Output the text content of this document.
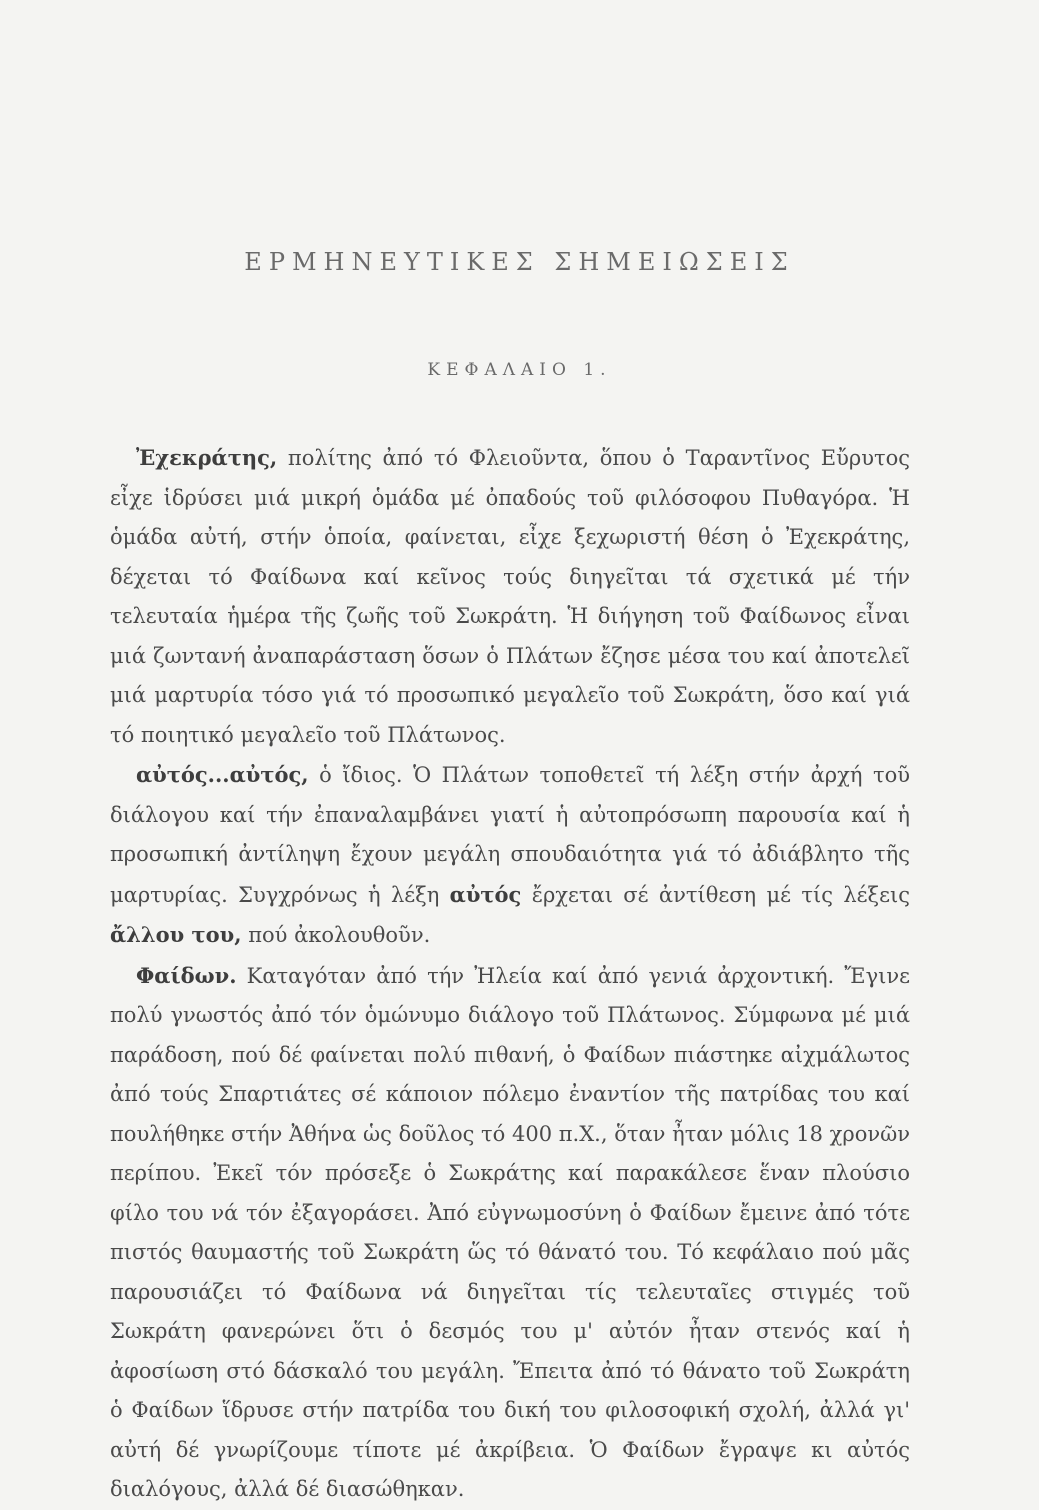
ΕΡΜΗΝΕΥΤΙΚΕΣ ΣΗΜΕΙΩΣΕΙΣ
ΚΕΦΑΛΑΙΟ 1.

Ἐχεκράτης, πολίτης ἀπό τό Φλειοῦντα, ὅπου ὁ Ταραντῖνος Εὔρυτος εἶχε ἱδρύσει μιά μικρή ὁμάδα μέ ὀπαδούς τοῦ φιλόσοφου Πυθαγόρα. Ἡ ὁμάδα αὐτή, στήν ὁποία, φαίνεται, εἶχε ξεχωριστή θέση ὁ Ἐχεκράτης, δέχεται τό Φαίδωνα καί κεῖνος τούς διηγεῖται τά σχετικά μέ τήν τελευταία ἡμέρα τῆς ζωῆς τοῦ Σωκράτη. Ἡ διήγηση τοῦ Φαίδωνος εἶναι μιά ζωντανή ἀναπαράσταση ὅσων ὁ Πλάτων ἔζησε μέσα του καί ἀποτελεῖ μιά μαρτυρία τόσο γιά τό προσωπικό μεγαλεῖο τοῦ Σωκράτη, ὅσο καί γιά τό ποιητικό μεγαλεῖο τοῦ Πλάτωνος.

αὐτός...αὐτός, ὁ ἴδιος. Ὁ Πλάτων τοποθετεῖ τή λέξη στήν ἀρχή τοῦ διάλογου καί τήν ἐπαναλαμβάνει γιατί ἡ αὐτοπρόσωπη παρουσία καί ἡ προσωπική ἀντίληψη ἔχουν μεγάλη σπουδαιότητα γιά τό ἀδιάβλητο τῆς μαρτυρίας. Συγχρόνως ἡ λέξη αὐτός ἔρχεται σέ ἀντίθεση μέ τίς λέξεις ἄλλου του, πού ἀκολουθοῦν.

Φαίδων. Καταγόταν ἀπό τήν Ἠλεία καί ἀπό γενιά ἀρχοντική. Ἔγινε πολύ γνωστός ἀπό τόν ὁμώνυμο διάλογο τοῦ Πλάτωνος. Σύμφωνα μέ μιά παράδοση, πού δέ φαίνεται πολύ πιθανή, ὁ Φαίδων πιάστηκε αἰχμάλωτος ἀπό τούς Σπαρτιάτες σέ κάποιον πόλεμο ἐναντίον τῆς πατρίδας του καί πουλήθηκε στήν Ἀθήνα ὡς δοῦλος τό 400 π.Χ., ὅταν ἦταν μόλις 18 χρονῶν περίπου. Ἐκεῖ τόν πρόσεξε ὁ Σωκράτης καί παρακάλεσε ἕναν πλούσιο φίλο του νά τόν ἐξαγοράσει. Ἀπό εὐγνωμοσύνη ὁ Φαίδων ἔμεινε ἀπό τότε πιστός θαυμαστής τοῦ Σωκράτη ὥς τό θάνατό του. Τό κεφάλαιο πού μᾶς παρουσιάζει τό Φαίδωνα νά διηγεῖται τίς τελευταῖες στιγμές τοῦ Σωκράτη φανερώνει ὅτι ὁ δεσμός του μ' αὐτόν ἦταν στενός καί ἡ ἀφοσίωση στό δάσκαλό του μεγάλη. Ἔπειτα ἀπό τό θάνατο τοῦ Σωκράτη ὁ Φαίδων ἵδρυσε στήν πατρίδα του δική του φιλοσοφική σχολή, ἀλλά γι' αὐτή δέ γνωρίζουμε τίποτε μέ ἀκρίβεια. Ὁ Φαίδων ἔγραψε κι αὐτός διαλόγους, ἀλλά δέ διασώθηκαν.
